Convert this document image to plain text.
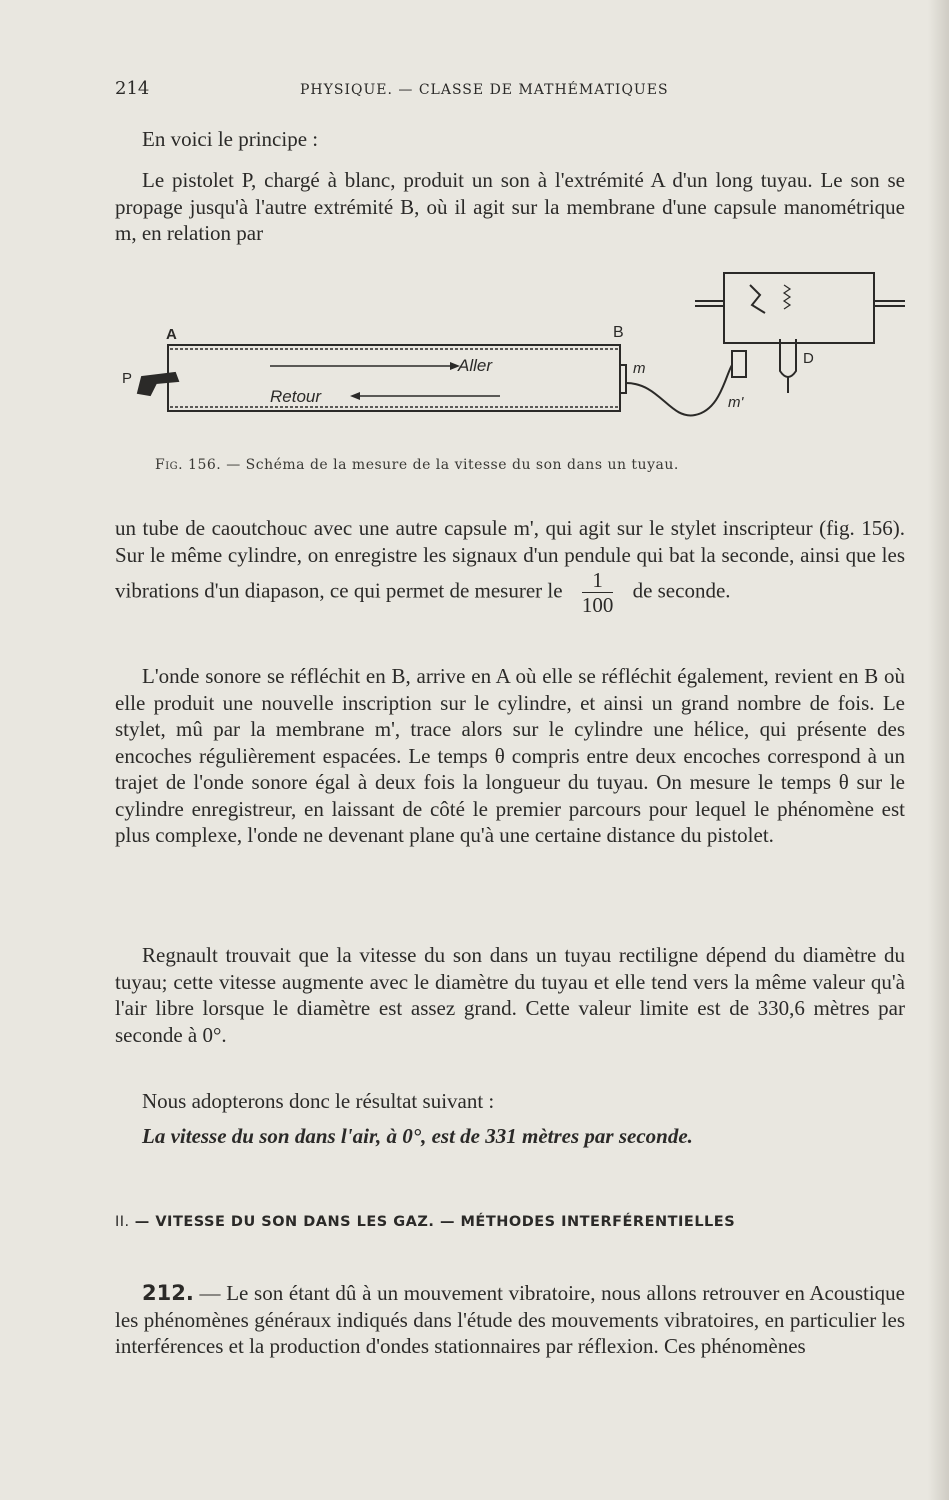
214	PHYSIQUE. — CLASSE DE MATHÉMATIQUES
En voici le principe :
Le pistolet P, chargé à blanc, produit un son à l'extrémité A d'un long tuyau. Le son se propage jusqu'à l'autre extrémité B, où il agit sur la membrane d'une capsule manométrique m, en relation par
A	B
P
m
m'
D
Aller
Retour
Fig. 156. — Schéma de la mesure de la vitesse du son dans un tuyau.
un tube de caoutchouc avec une autre capsule m', qui agit sur le stylet inscripteur (fig. 156). Sur le même cylindre, on enregistre les signaux d'un pendule qui bat la seconde, ainsi que les vibrations d'un diapason, ce qui permet de mesurer le $\frac{1}{100}$ de seconde.
L'onde sonore se réfléchit en B, arrive en A où elle se réfléchit également, revient en B où elle produit une nouvelle inscription sur le cylindre, et ainsi un grand nombre de fois. Le stylet, mû par la membrane m', trace alors sur le cylindre une hélice, qui présente des encoches régulièrement espacées. Le temps θ compris entre deux encoches correspond à un trajet de l'onde sonore égal à deux fois la longueur du tuyau. On mesure le temps θ sur le cylindre enregistreur, en laissant de côté le premier parcours pour lequel le phénomène est plus complexe, l'onde ne devenant plane qu'à une certaine distance du pistolet.
Regnault trouvait que la vitesse du son dans un tuyau rectiligne dépend du diamètre du tuyau; cette vitesse augmente avec le diamètre du tuyau et elle tend vers la même valeur qu'à l'air libre lorsque le diamètre est assez grand. Cette valeur limite est de 330,6 mètres par seconde à 0°.
Nous adopterons donc le résultat suivant :
La vitesse du son dans l'air, à 0°, est de 331 mètres par seconde.
II. — VITESSE DU SON DANS LES GAZ. — MÉTHODES INTERFÉRENTIELLES
212. — Le son étant dû à un mouvement vibratoire, nous allons retrouver en Acoustique les phénomènes généraux indiqués dans l'étude des mouvements vibratoires, en particulier les interférences et la production d'ondes stationnaires par réflexion. Ces phénomènes
